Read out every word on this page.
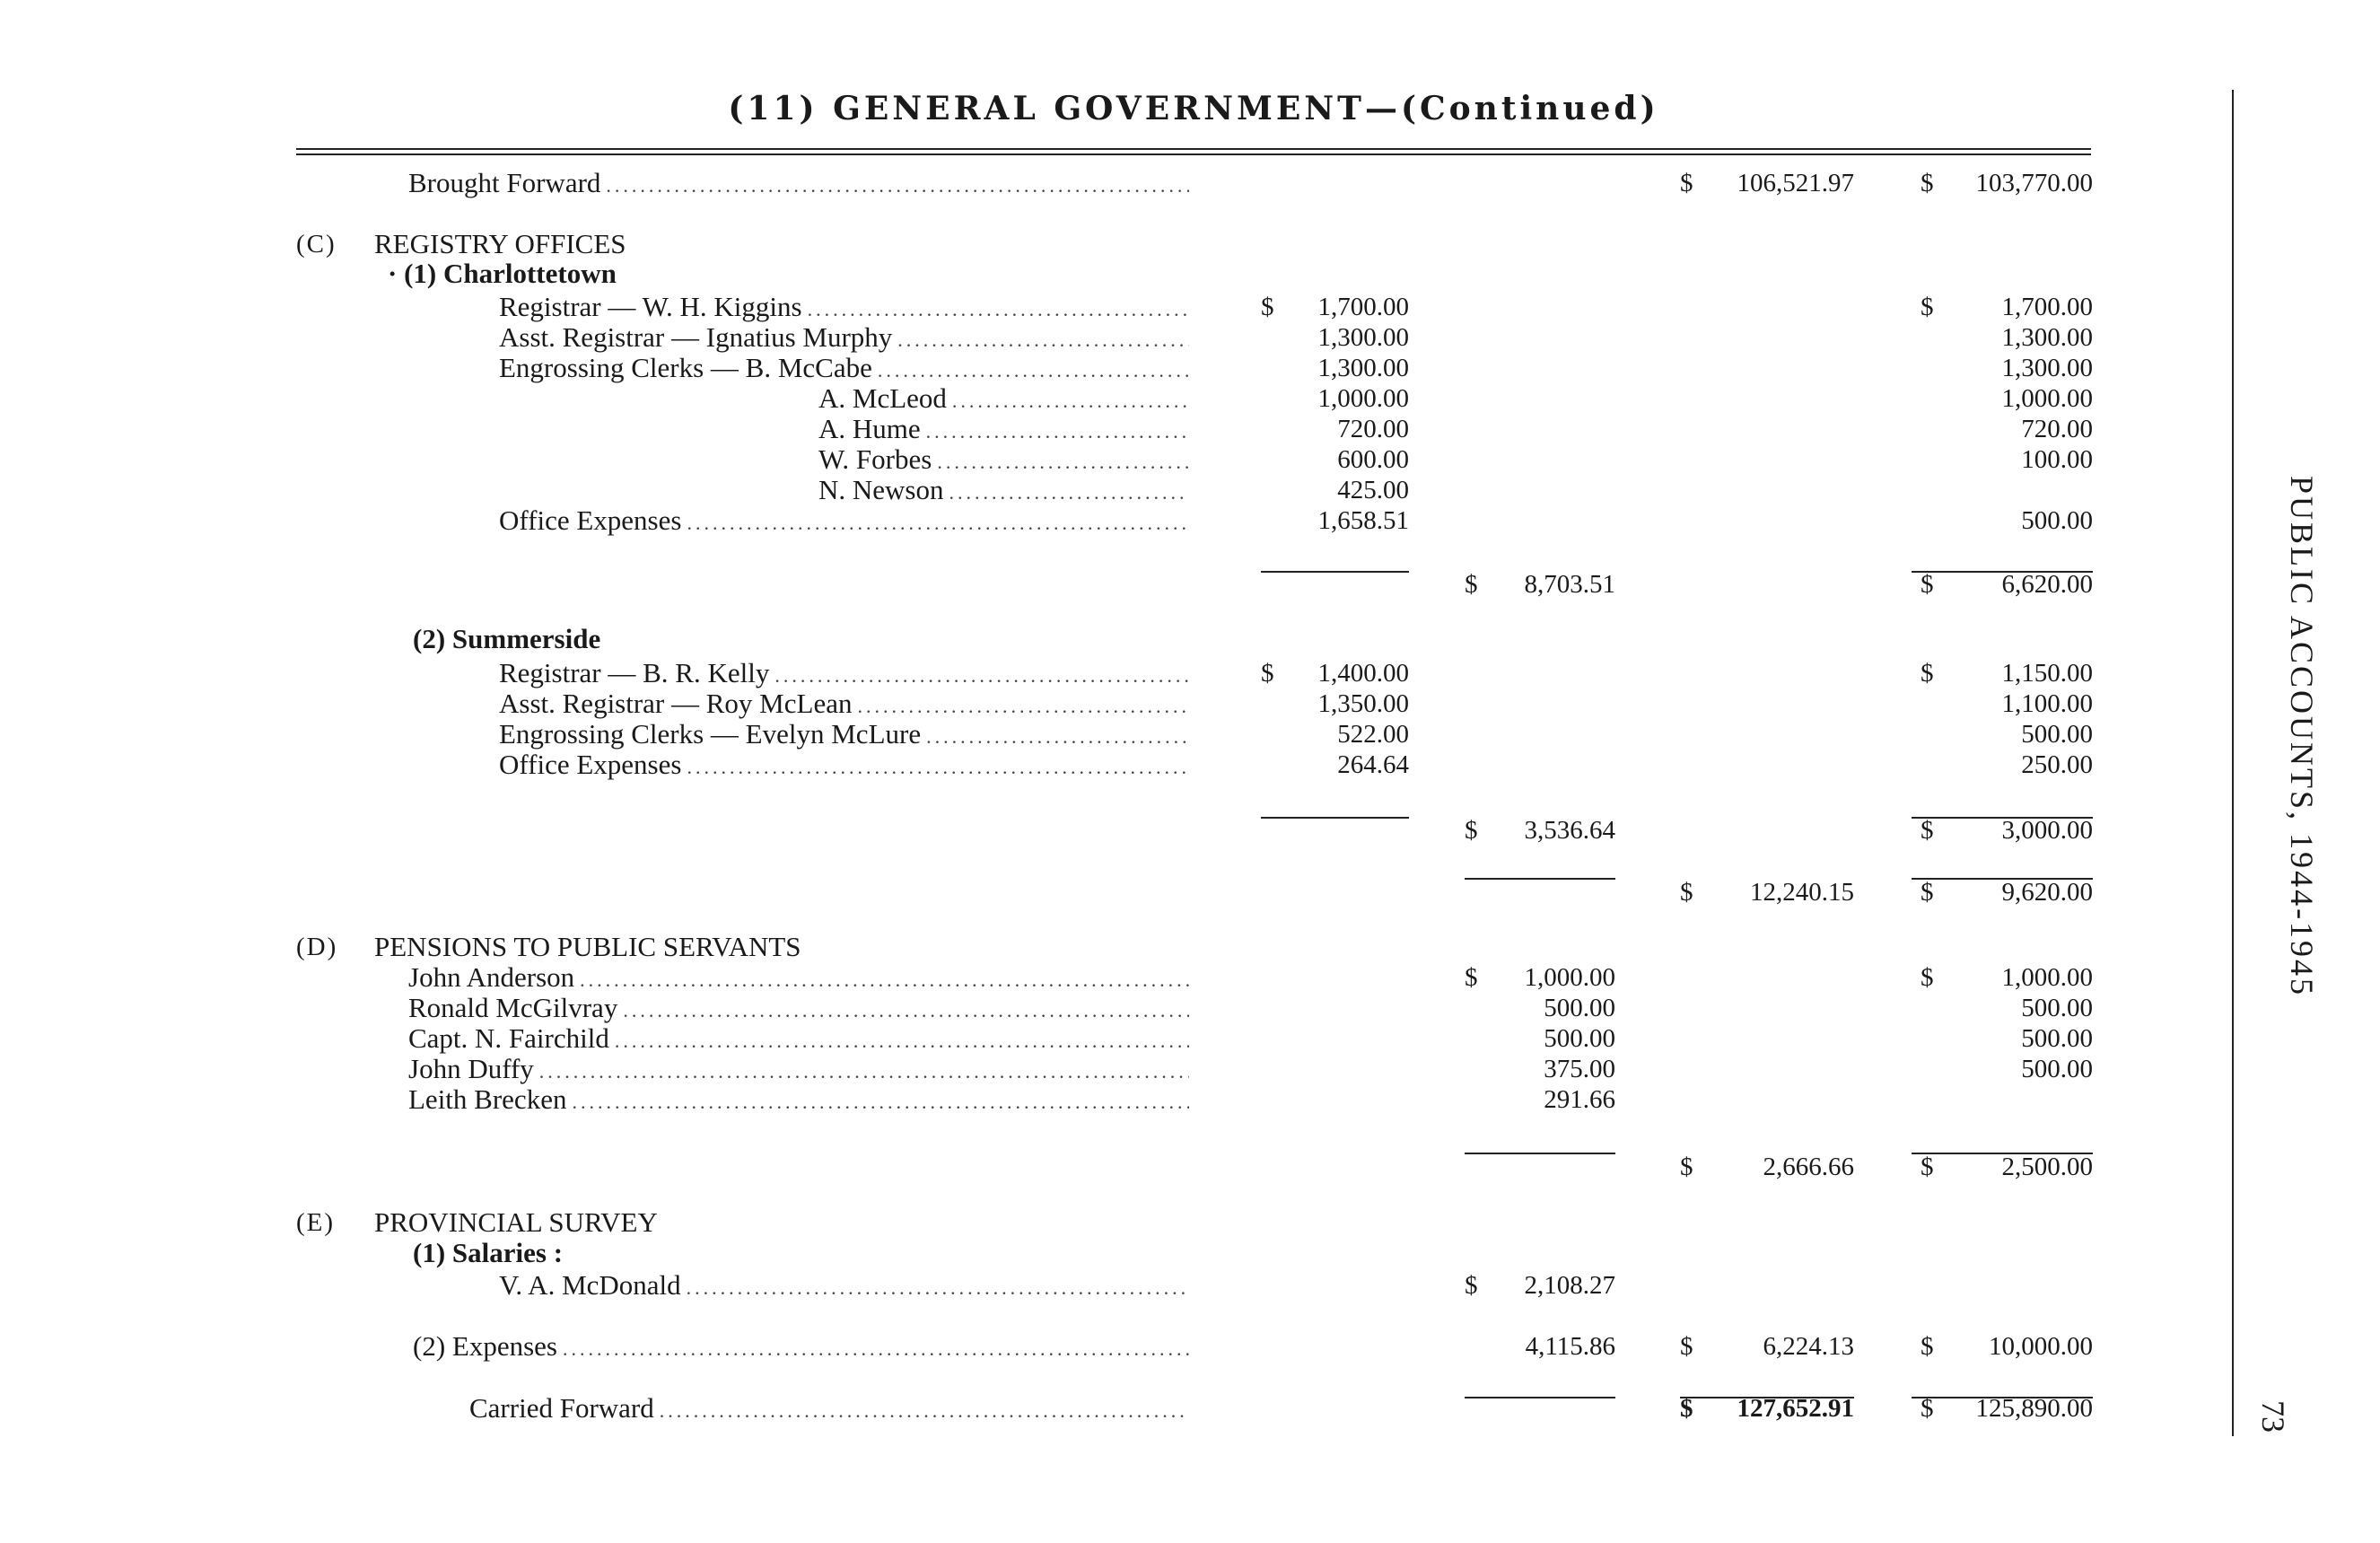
(11) GENERAL GOVERNMENT—(Continued)
Brought Forward .....	$ 106,521.97	$ 103,770.00
(C) REGISTRY OFFICES
· (1) Charlottetown
Registrar — W. H. Kiggins .....	$ 1,700.00	$	1,700.00
Asst. Registrar — Ignatius Murphy .....	1,300.00	1,300.00
Engrossing Clerks — B. McCabe .....	1,300.00	1,300.00
A. McLeod .....	1,000.00	1,000.00
A. Hume .....	720.00	720.00
W. Forbes .....	600.00	100.00
N. Newson .....	425.00
Office Expenses .....	1,658.51	500.00
$ 8,703.51	$	6,620.00
(2) Summerside
Registrar — B. R. Kelly .....	$ 1,400.00	$	1,150.00
Asst. Registrar — Roy McLean .....	1,350.00	1,100.00
Engrossing Clerks — Evelyn McLure .....	522.00	500.00
Office Expenses .....	264.64	250.00
$ 3,536.64	$	3,000.00
$ 12,240.15	$	9,620.00
(D) PENSIONS TO PUBLIC SERVANTS
John Anderson .....	$ 1,000.00	$	1,000.00
Ronald McGilvray .....	500.00	500.00
Capt. N. Fairchild .....	500.00	500.00
John Duffy .....	375.00	500.00
Leith Brecken .....	291.66
$	2,666.66	$	2,500.00
(E) PROVINCIAL SURVEY
(1) Salaries :
V. A. McDonald .....	$ 2,108.27
(2) Expenses .....	4,115.86 $	6,224.13	$ 10,000.00
Carried Forward .....	$ 127,652.91	$ 125,890.00
PUBLIC ACCOUNTS, 1944-1945
73
